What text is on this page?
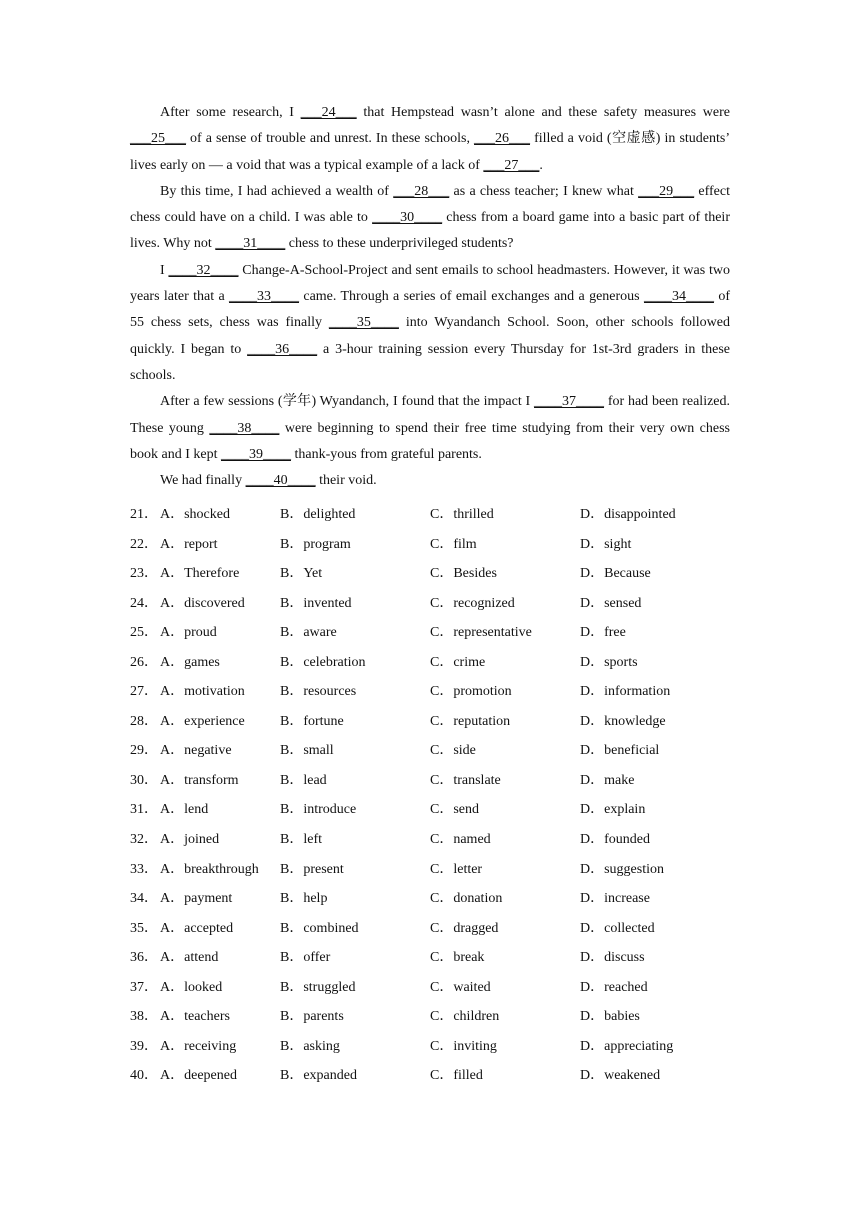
After some research, I ___24___ that Hempstead wasn’t alone and these safety measures were ___25___ of a sense of trouble and unrest. In these schools, ___26___ filled a void (空虚感) in students’ lives early on — a void that was a typical example of a lack of ___27___.

By this time, I had achieved a wealth of ___28___ as a chess teacher; I knew what ___29___ effect chess could have on a child. I was able to ____30____ chess from a board game into a basic part of their lives. Why not ____31____ chess to these underprivileged students?

I ____32____ Change-A-School-Project and sent emails to school headmasters. However, it was two years later that a ____33____ came. Through a series of email exchanges and a generous ____34____ of 55 chess sets, chess was finally ____35____ into Wyandanch School. Soon, other schools followed quickly. I began to ____36____ a 3-hour training session every Thursday for 1st-3rd graders in these schools.

After a few sessions (学年) Wyandanch, I found that the impact I ____37____ for had been realized. These young ____38____ were beginning to spend their free time studying from their very own chess book and I kept ____39____ thank-yous from grateful parents.

We had finally ____40____ their void.

21． A．shocked	B．delighted	C．thrilled	D．disappointed
22． A．report	B．program	C．film	D．sight
23． A．Therefore	B．Yet	C．Besides	D．Because
24． A．discovered	B．invented	C．recognized	D．sensed
25． A．proud	B．aware	C．representative	D．free
26． A．games	B．celebration	C．crime	D．sports
27． A．motivation	B．resources	C．promotion	D．information
28． A．experience	B．fortune	C．reputation	D．knowledge
29． A．negative	B．small	C．side	D．beneficial
30． A．transform	B．lead	C．translate	D．make
31． A．lend	B．introduce	C．send	D．explain
32． A．joined	B．left	C．named	D．founded
33． A．breakthrough B．present	C．letter	D．suggestion
34． A．payment	B．help	C．donation	D．increase
35． A．accepted	B．combined	C．dragged	D．collected
36． A．attend	B．offer	C．break	D．discuss
37． A．looked	B．struggled	C．waited	D．reached
38． A．teachers	B．parents	C．children	D．babies
39． A．receiving	B．asking	C．inviting	D．appreciating
40． A．deepened	B．expanded	C．filled	D．weakened
